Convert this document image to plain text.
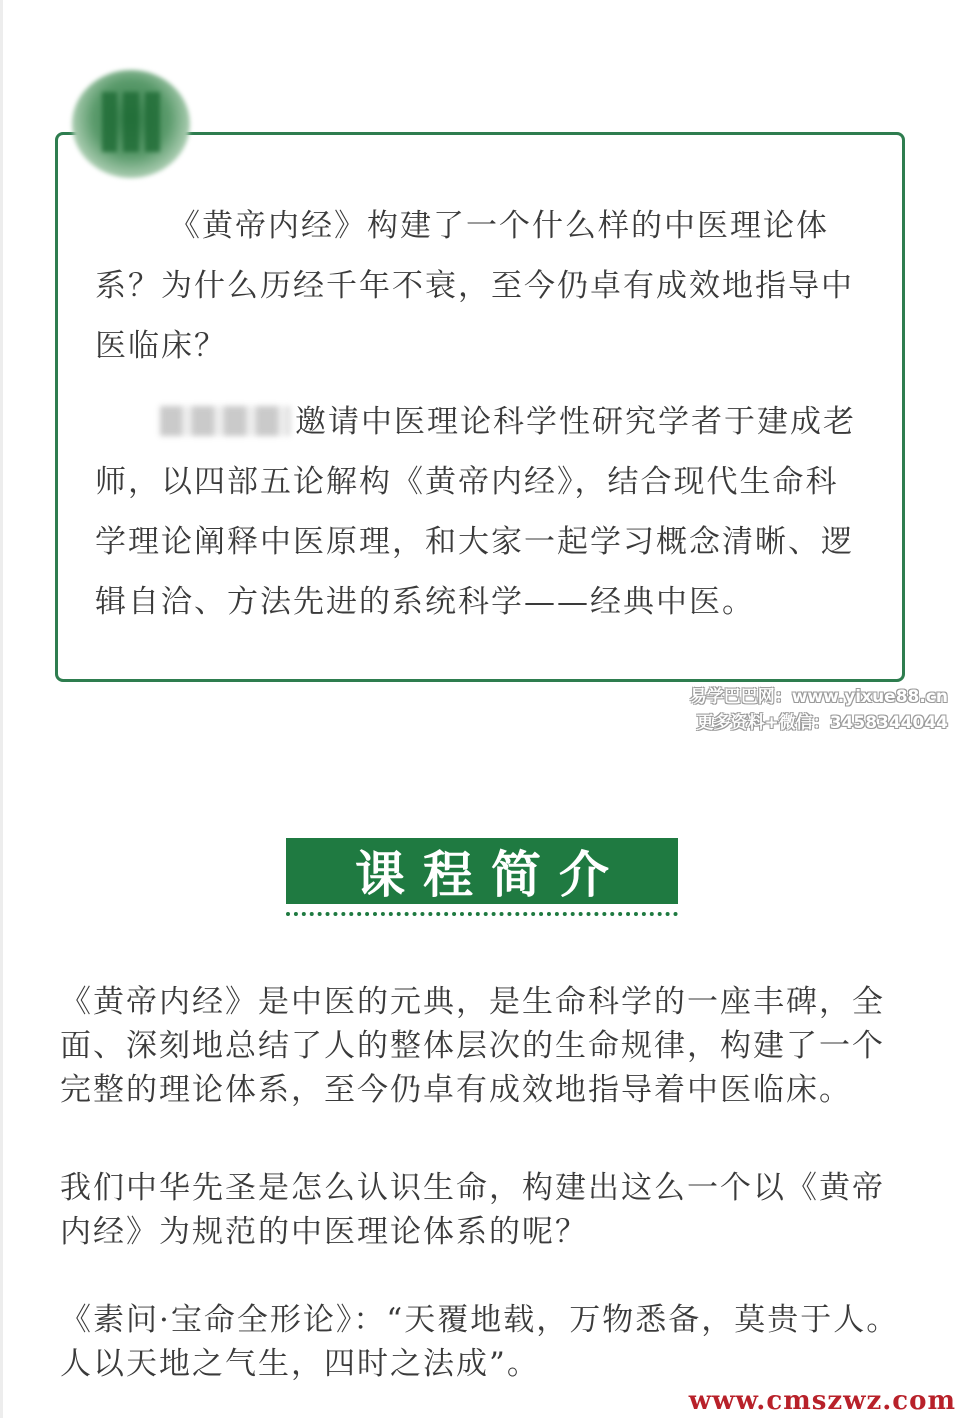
《黄帝内经》构建了一个什么样的中医理论体系？为什么历经千年不衰，至今仍卓有成效地指导中医临床？

邀请中医理论科学性研究学者于建成老师，以四部五论解构《黄帝内经》，结合现代生命科学理论阐释中医原理，和大家一起学习概念清晰、逻辑自洽、方法先进的系统科学——经典中医。

易学巴巴网：www.yixue88.cn
更多资料+微信：3458344044
课程简介

《黄帝内经》是中医的元典，是生命科学的一座丰碑，全面、深刻地总结了人的整体层次的生命规律，构建了一个完整的理论体系，至今仍卓有成效地指导着中医临床。

我们中华先圣是怎么认识生命，构建出这么一个以《黄帝内经》为规范的中医理论体系的呢？

《素问·宝命全形论》：“天覆地载，万物悉备，莫贵于人。人以天地之气生，四时之法成”。

www.cmszwz.com
